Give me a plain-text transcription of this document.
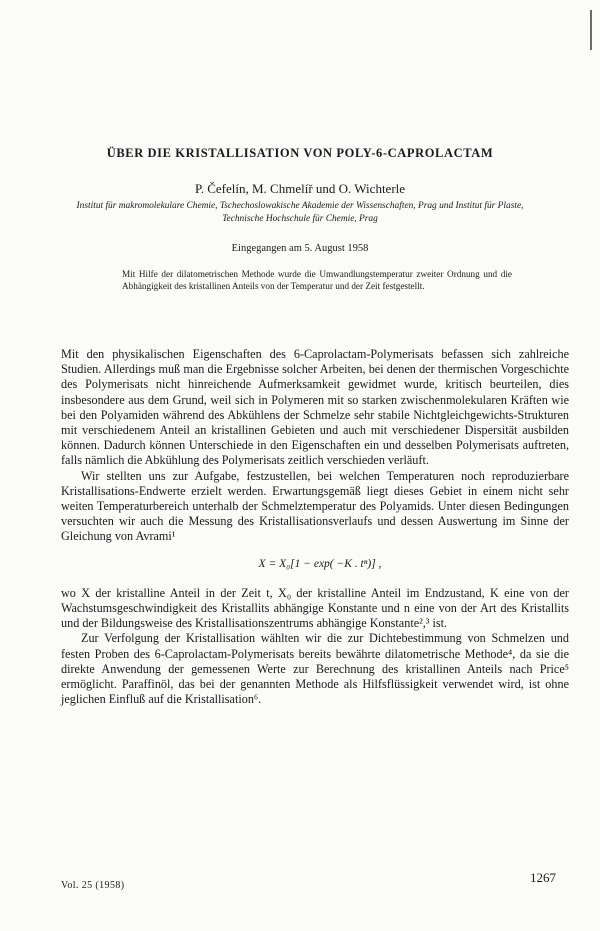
ÜBER DIE KRISTALLISATION VON POLY-6-CAPROLACTAM
P. Čefelín, M. Chmelíř und O. Wichterle
Institut für makromolekulare Chemie, Tschechoslowakische Akademie der Wissenschaften, Prag und Institut für Plaste, Technische Hochschule für Chemie, Prag
Eingegangen am 5. August 1958
Mit Hilfe der dilatometrischen Methode wurde die Umwandlungstemperatur zweiter Ordnung und die Abhängigkeit des kristallinen Anteils von der Temperatur und der Zeit festgestellt.

Mit den physikalischen Eigenschaften des 6-Caprolactam-Polymerisats befassen sich zahlreiche Studien. Allerdings muß man die Ergebnisse solcher Arbeiten, bei denen der thermischen Vorgeschichte des Polymerisats nicht hinreichende Aufmerksamkeit gewidmet wurde, kritisch beurteilen, dies insbesondere aus dem Grund, weil sich in Polymeren mit so starken zwischenmolekularen Kräften wie bei den Polyamiden während des Abkühlens der Schmelze sehr stabile Nichtgleichgewichts-Strukturen mit verschiedenem Anteil an kristallinen Gebieten und auch mit verschiedener Dispersität ausbilden können. Dadurch können Unterschiede in den Eigenschaften ein und desselben Polymerisats auftreten, falls nämlich die Abkühlung des Polymerisats zeitlich verschieden verläuft.

Wir stellten uns zur Aufgabe, festzustellen, bei welchen Temperaturen noch reproduzierbare Kristallisations-Endwerte erzielt werden. Erwartungsgemäß liegt dieses Gebiet in einem nicht sehr weiten Temperaturbereich unterhalb der Schmelztemperatur des Polyamids. Unter diesen Bedingungen versuchten wir auch die Messung des Kristallisationsverlaufs und dessen Auswertung im Sinne der Gleichung von Avrami¹

X = X₀[1 − exp( −K . tⁿ)] ,

wo X der kristalline Anteil in der Zeit t, X₀ der kristalline Anteil im Endzustand, K eine von der Wachstumsgeschwindigkeit des Kristallits abhängige Konstante und n eine von der Art des Kristallits und der Bildungsweise des Kristallisationszentrums abhängige Konstante²,³ ist.

Zur Verfolgung der Kristallisation wählten wir die zur Dichtebestimmung von Schmelzen und festen Proben des 6-Caprolactam-Polymerisats bereits bewährte dilatometrische Methode⁴, da sie die direkte Anwendung der gemessenen Werte zur Berechnung des kristallinen Anteils nach Price⁵ ermöglicht. Paraffinöl, das bei der genannten Methode als Hilfsflüssigkeit verwendet wird, ist ohne jeglichen Einfluß auf die Kristallisation⁶.

Vol. 25 (1958)
1267
